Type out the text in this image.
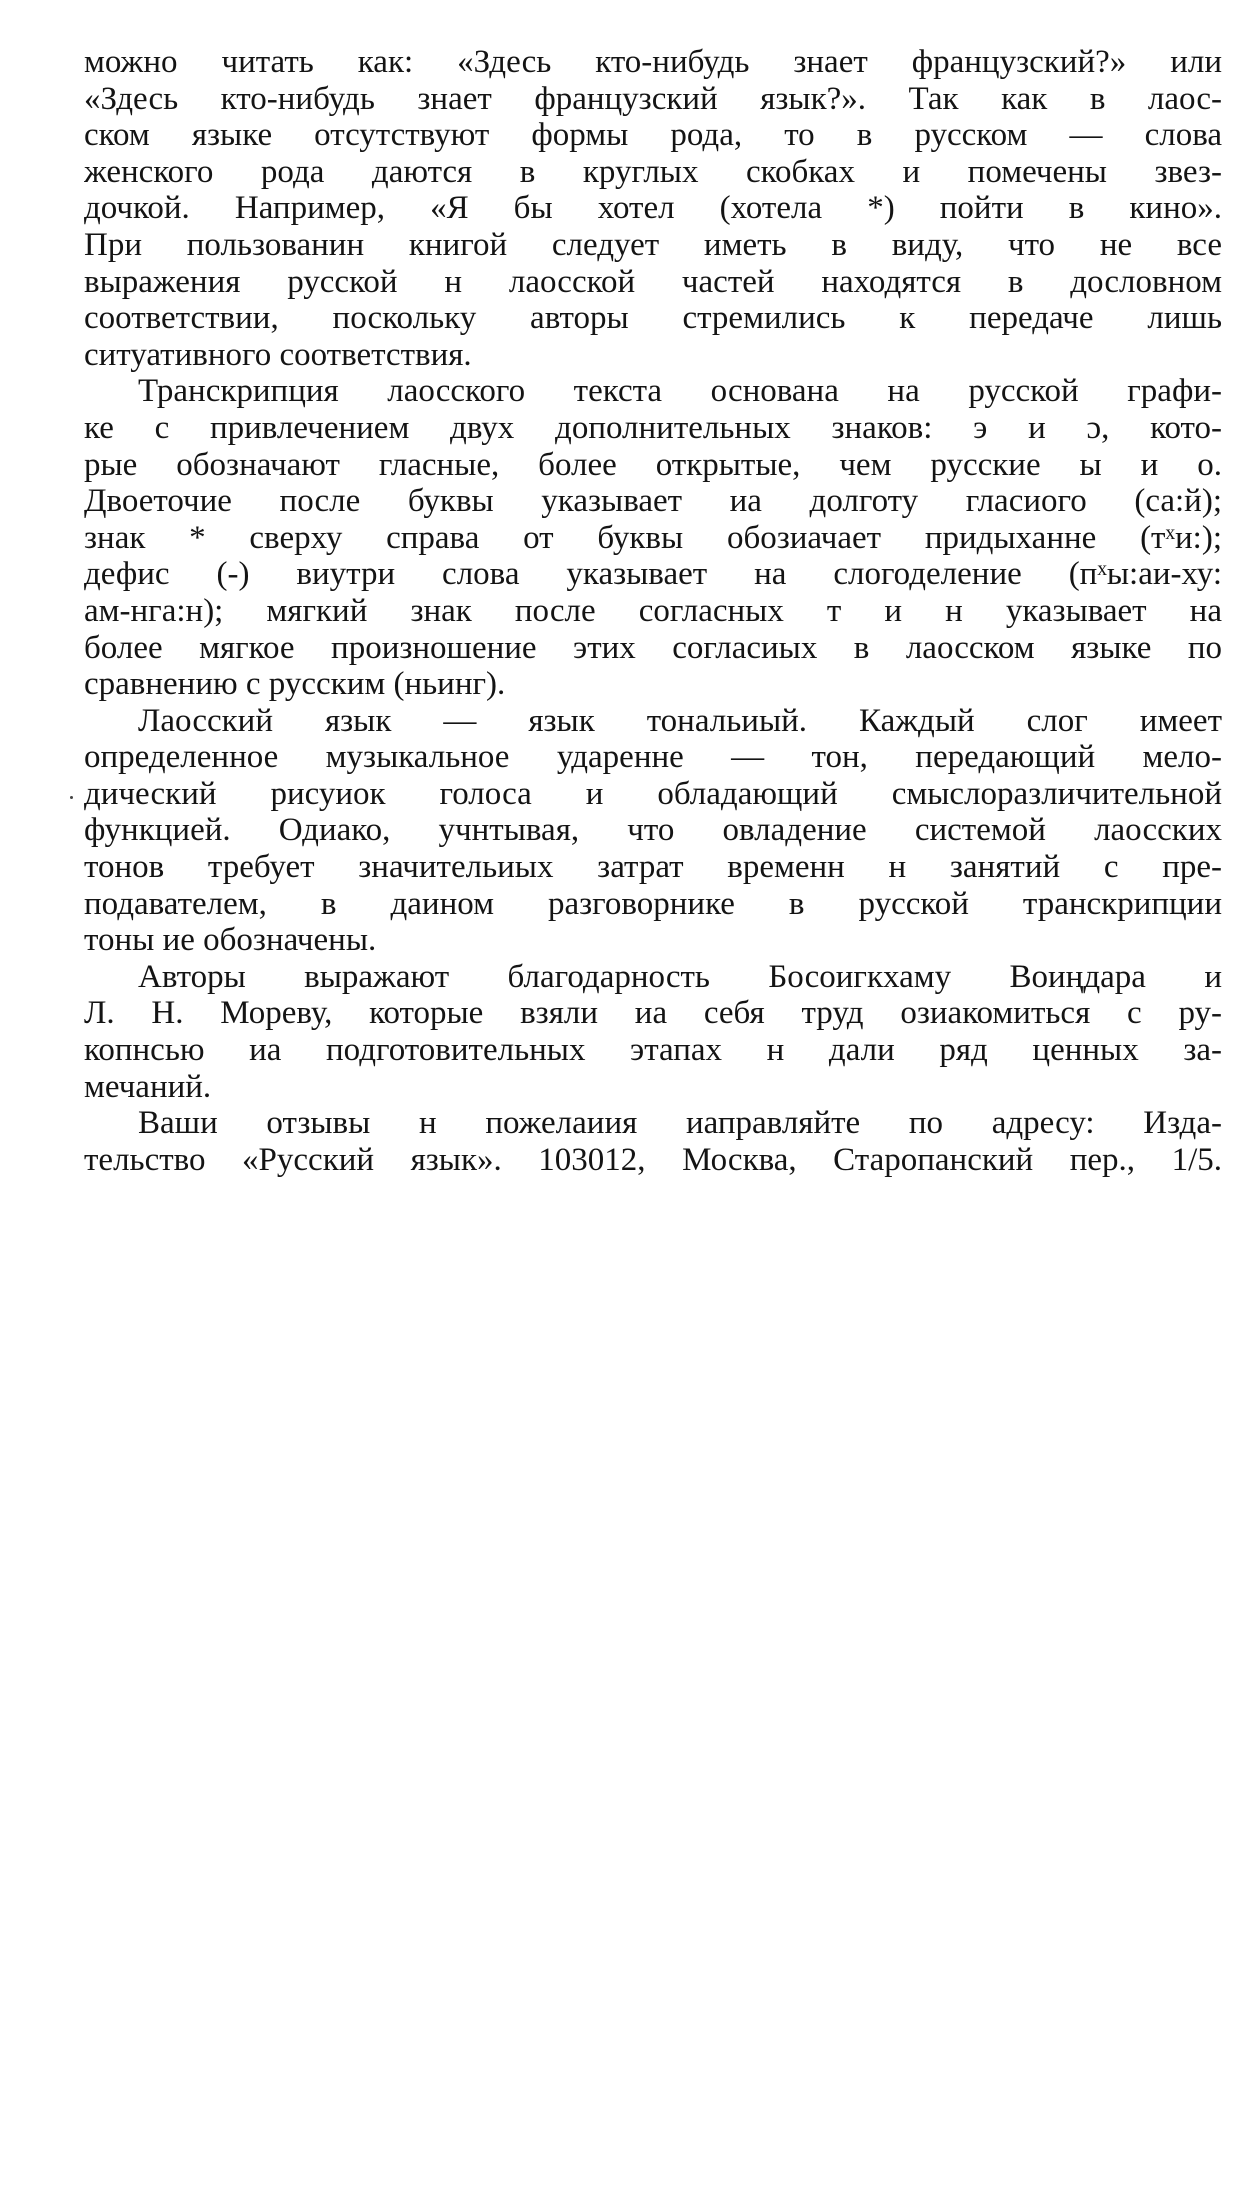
можно читать как: «Здесь кто-нибудь знает французский?» или
«Здесь кто-нибудь знает французский язык?». Так как в лаос-
ском языке отсутствуют формы рода, то в русском — слова
женского рода даются в круглых скобках и помечены звез-
дочкой. Например, «Я бы хотел (хотела *) пойти в кино».
При пользованин книгой следует иметь в виду, что не все
выражения русской н лаосской частей находятся в дословном
соответствии, поскольку авторы стремились к передаче лишь
ситуативного соответствия.
Транскрипция лаосского текста основана на русской графи-
ке с привлечением двух дополнительных знаков: э и ɔ, кото-
рые обозначают гласные, более открытые, чем русские ы и о.
Двоеточие после буквы указывает иа долготу гласиого (са:й);
знак * сверху справа от буквы обозиачает придыханне (тˣи:);
дефис (-) виутри слова указывает на слогоделение (пˣы:аи-ху:
ам-нга:н); мягкий знак после согласных т и н указывает на
более мягкое произношение этих согласиых в лаосском языке по
сравнению с русским (ньинг).
Лаосский язык — язык тональиый. Каждый слог имеет
определенное музыкальное ударенне — тон, передающий мело-
дический рисуиок голоса и обладающий смыслоразличительной
функцией. Одиако, учнтывая, что овладение системой лаосских
тонов требует значительиых затрат временн н занятий с пре-
подавателем, в даином разговорнике в русской транскрипции
тоны ие обозначены.
Авторы выражают благодарность Босоигкхаму Воиңдара и
Л. Н. Мореву, которые взяли иа себя труд озиакомиться с ру-
копнсью иа подготовительных этапах н дали ряд ценных за-
мечаний.
Ваши отзывы н пожелаиия иаправляйте по адресу: Изда-
тельство «Русский язык». 103012, Москва, Старопанский пер., 1/5.
